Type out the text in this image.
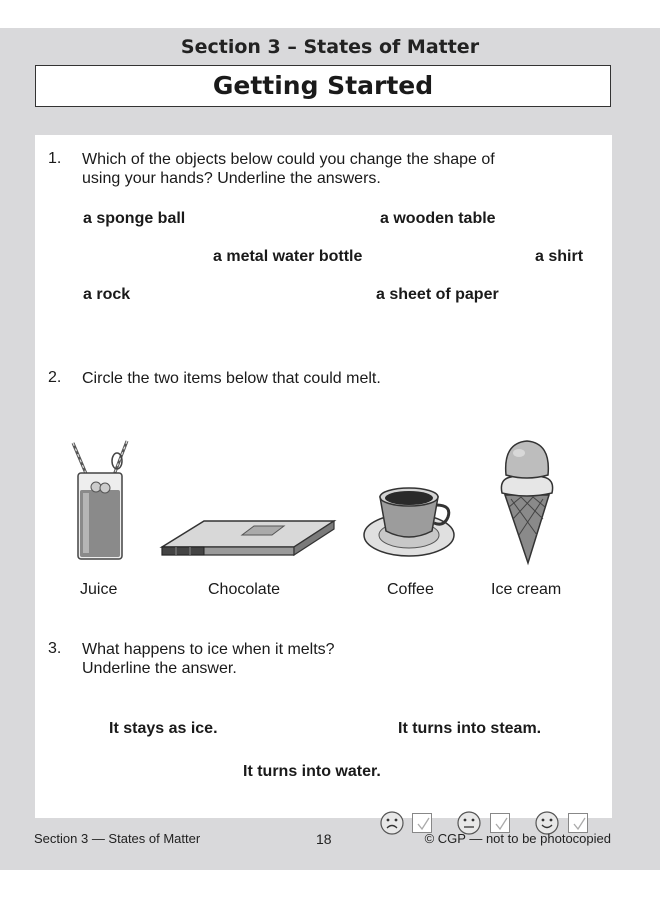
Section 3 – States of Matter
Getting Started
1. Which of the objects below could you change the shape of
using your hands? Underline the answers.
a sponge ball	a wooden table
a metal water bottle	a shirt
a rock	a sheet of paper
2. Circle the two items below that could melt.
Juice	Chocolate	Coffee	Ice cream
3. What happens to ice when it melts?
Underline the answer.
It stays as ice.	It turns into steam.
It turns into water.
Section 3 — States of Matter	18	© CGP — not to be photocopied
